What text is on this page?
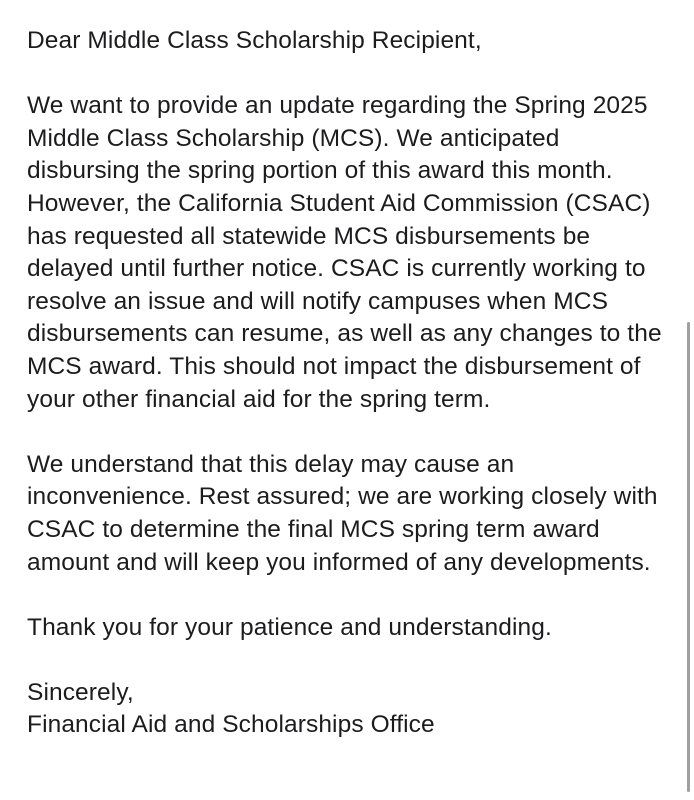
Dear Middle Class Scholarship Recipient,

We want to provide an update regarding the Spring 2025 Middle Class Scholarship (MCS). We anticipated disbursing the spring portion of this award this month. However, the California Student Aid Commission (CSAC) has requested all statewide MCS disbursements be delayed until further notice. CSAC is currently working to resolve an issue and will notify campuses when MCS disbursements can resume, as well as any changes to the MCS award. This should not impact the disbursement of your other financial aid for the spring term.

We understand that this delay may cause an inconvenience. Rest assured; we are working closely with CSAC to determine the final MCS spring term award amount and will keep you informed of any developments.

Thank you for your patience and understanding.

Sincerely,

Financial Aid and Scholarships Office
